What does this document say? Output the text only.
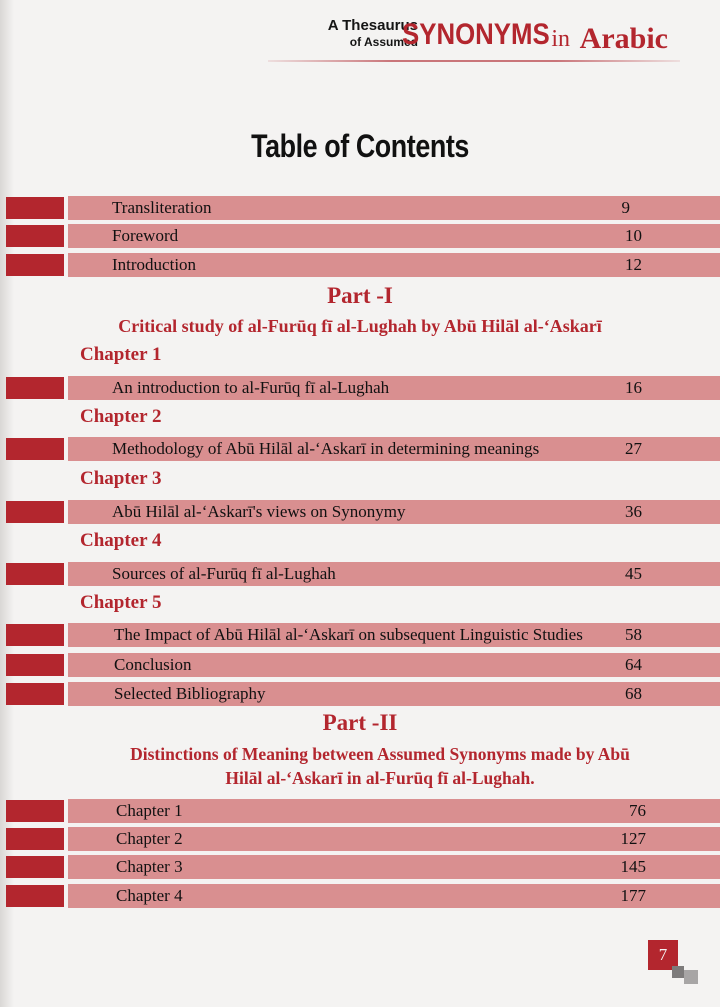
A Thesaurus
of Assumed
SYNONYMS in Arabic
Table of Contents
Transliteration	9
Foreword	10
Introduction	12
Part -I
Critical study of al-Furūq fī al-Lughah by Abū Hilāl al-‘Askarī
Chapter 1
An introduction to al-Furūq fī al-Lughah	16
Chapter 2
Methodology of Abū Hilāl al-‘Askarī in determining meanings	27
Chapter 3
Abū Hilāl al-‘Askarī's views on Synonymy	36
Chapter 4
Sources of al-Furūq fī al-Lughah	45
Chapter 5
The Impact of Abū Hilāl al-‘Askarī on subsequent Linguistic Studies 58
Conclusion	64
Selected Bibliography	68
Part -II
Distinctions of Meaning between Assumed Synonyms made by Abū
Hilāl al-‘Askarī in al-Furūq fī al-Lughah.
Chapter 1	76
Chapter 2	127
Chapter 3	145
Chapter 4	177
7
